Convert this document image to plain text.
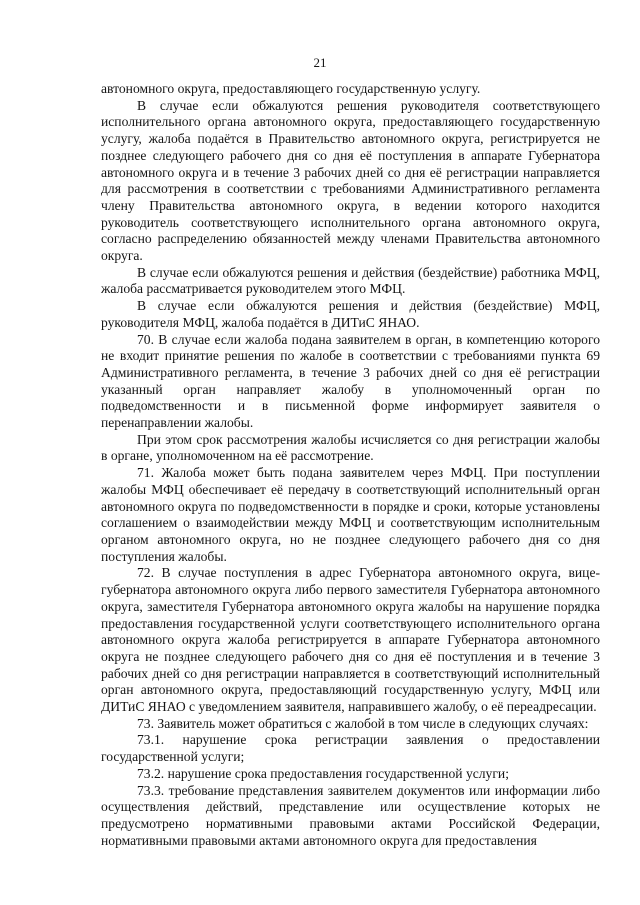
21

автономного округа, предоставляющего государственную услугу.

В случае если обжалуются решения руководителя соответствующего исполнительного органа автономного округа, предоставляющего государственную услугу, жалоба подаётся в Правительство автономного округа, регистрируется не позднее следующего рабочего дня со дня её поступления в аппарате Губернатора автономного округа и в течение 3 рабочих дней со дня её регистрации направляется для рассмотрения в соответствии с требованиями Административного регламента члену Правительства автономного округа, в ведении которого находится руководитель соответствующего исполнительного органа автономного округа, согласно распределению обязанностей между членами Правительства автономного округа.

В случае если обжалуются решения и действия (бездействие) работника МФЦ, жалоба рассматривается руководителем этого МФЦ.

В случае если обжалуются решения и действия (бездействие) МФЦ, руководителя МФЦ, жалоба подаётся в ДИТиС ЯНАО.

70. В случае если жалоба подана заявителем в орган, в компетенцию которого не входит принятие решения по жалобе в соответствии с требованиями пункта 69 Административного регламента, в течение 3 рабочих дней со дня её регистрации указанный орган направляет жалобу в уполномоченный орган по подведомственности и в письменной форме информирует заявителя о перенаправлении жалобы.

При этом срок рассмотрения жалобы исчисляется со дня регистрации жалобы в органе, уполномоченном на её рассмотрение.

71. Жалоба может быть подана заявителем через МФЦ. При поступлении жалобы МФЦ обеспечивает её передачу в соответствующий исполнительный орган автономного округа по подведомственности в порядке и сроки, которые установлены соглашением о взаимодействии между МФЦ и соответствующим исполнительным органом автономного округа, но не позднее следующего рабочего дня со дня поступления жалобы.

72. В случае поступления в адрес Губернатора автономного округа, вице-губернатора автономного округа либо первого заместителя Губернатора автономного округа, заместителя Губернатора автономного округа жалобы на нарушение порядка предоставления государственной услуги соответствующего исполнительного органа автономного округа жалоба регистрируется в аппарате Губернатора автономного округа не позднее следующего рабочего дня со дня её поступления и в течение 3 рабочих дней со дня регистрации направляется в соответствующий исполнительный орган автономного округа, предоставляющий государственную услугу, МФЦ или ДИТиС ЯНАО с уведомлением заявителя, направившего жалобу, о её переадресации.

73. Заявитель может обратиться с жалобой в том числе в следующих случаях:

73.1. нарушение срока регистрации заявления о предоставлении государственной услуги;

73.2. нарушение срока предоставления государственной услуги;

73.3. требование представления заявителем документов или информации либо осуществления действий, представление или осуществление которых не предусмотрено нормативными правовыми актами Российской Федерации, нормативными правовыми актами автономного округа для предоставления
